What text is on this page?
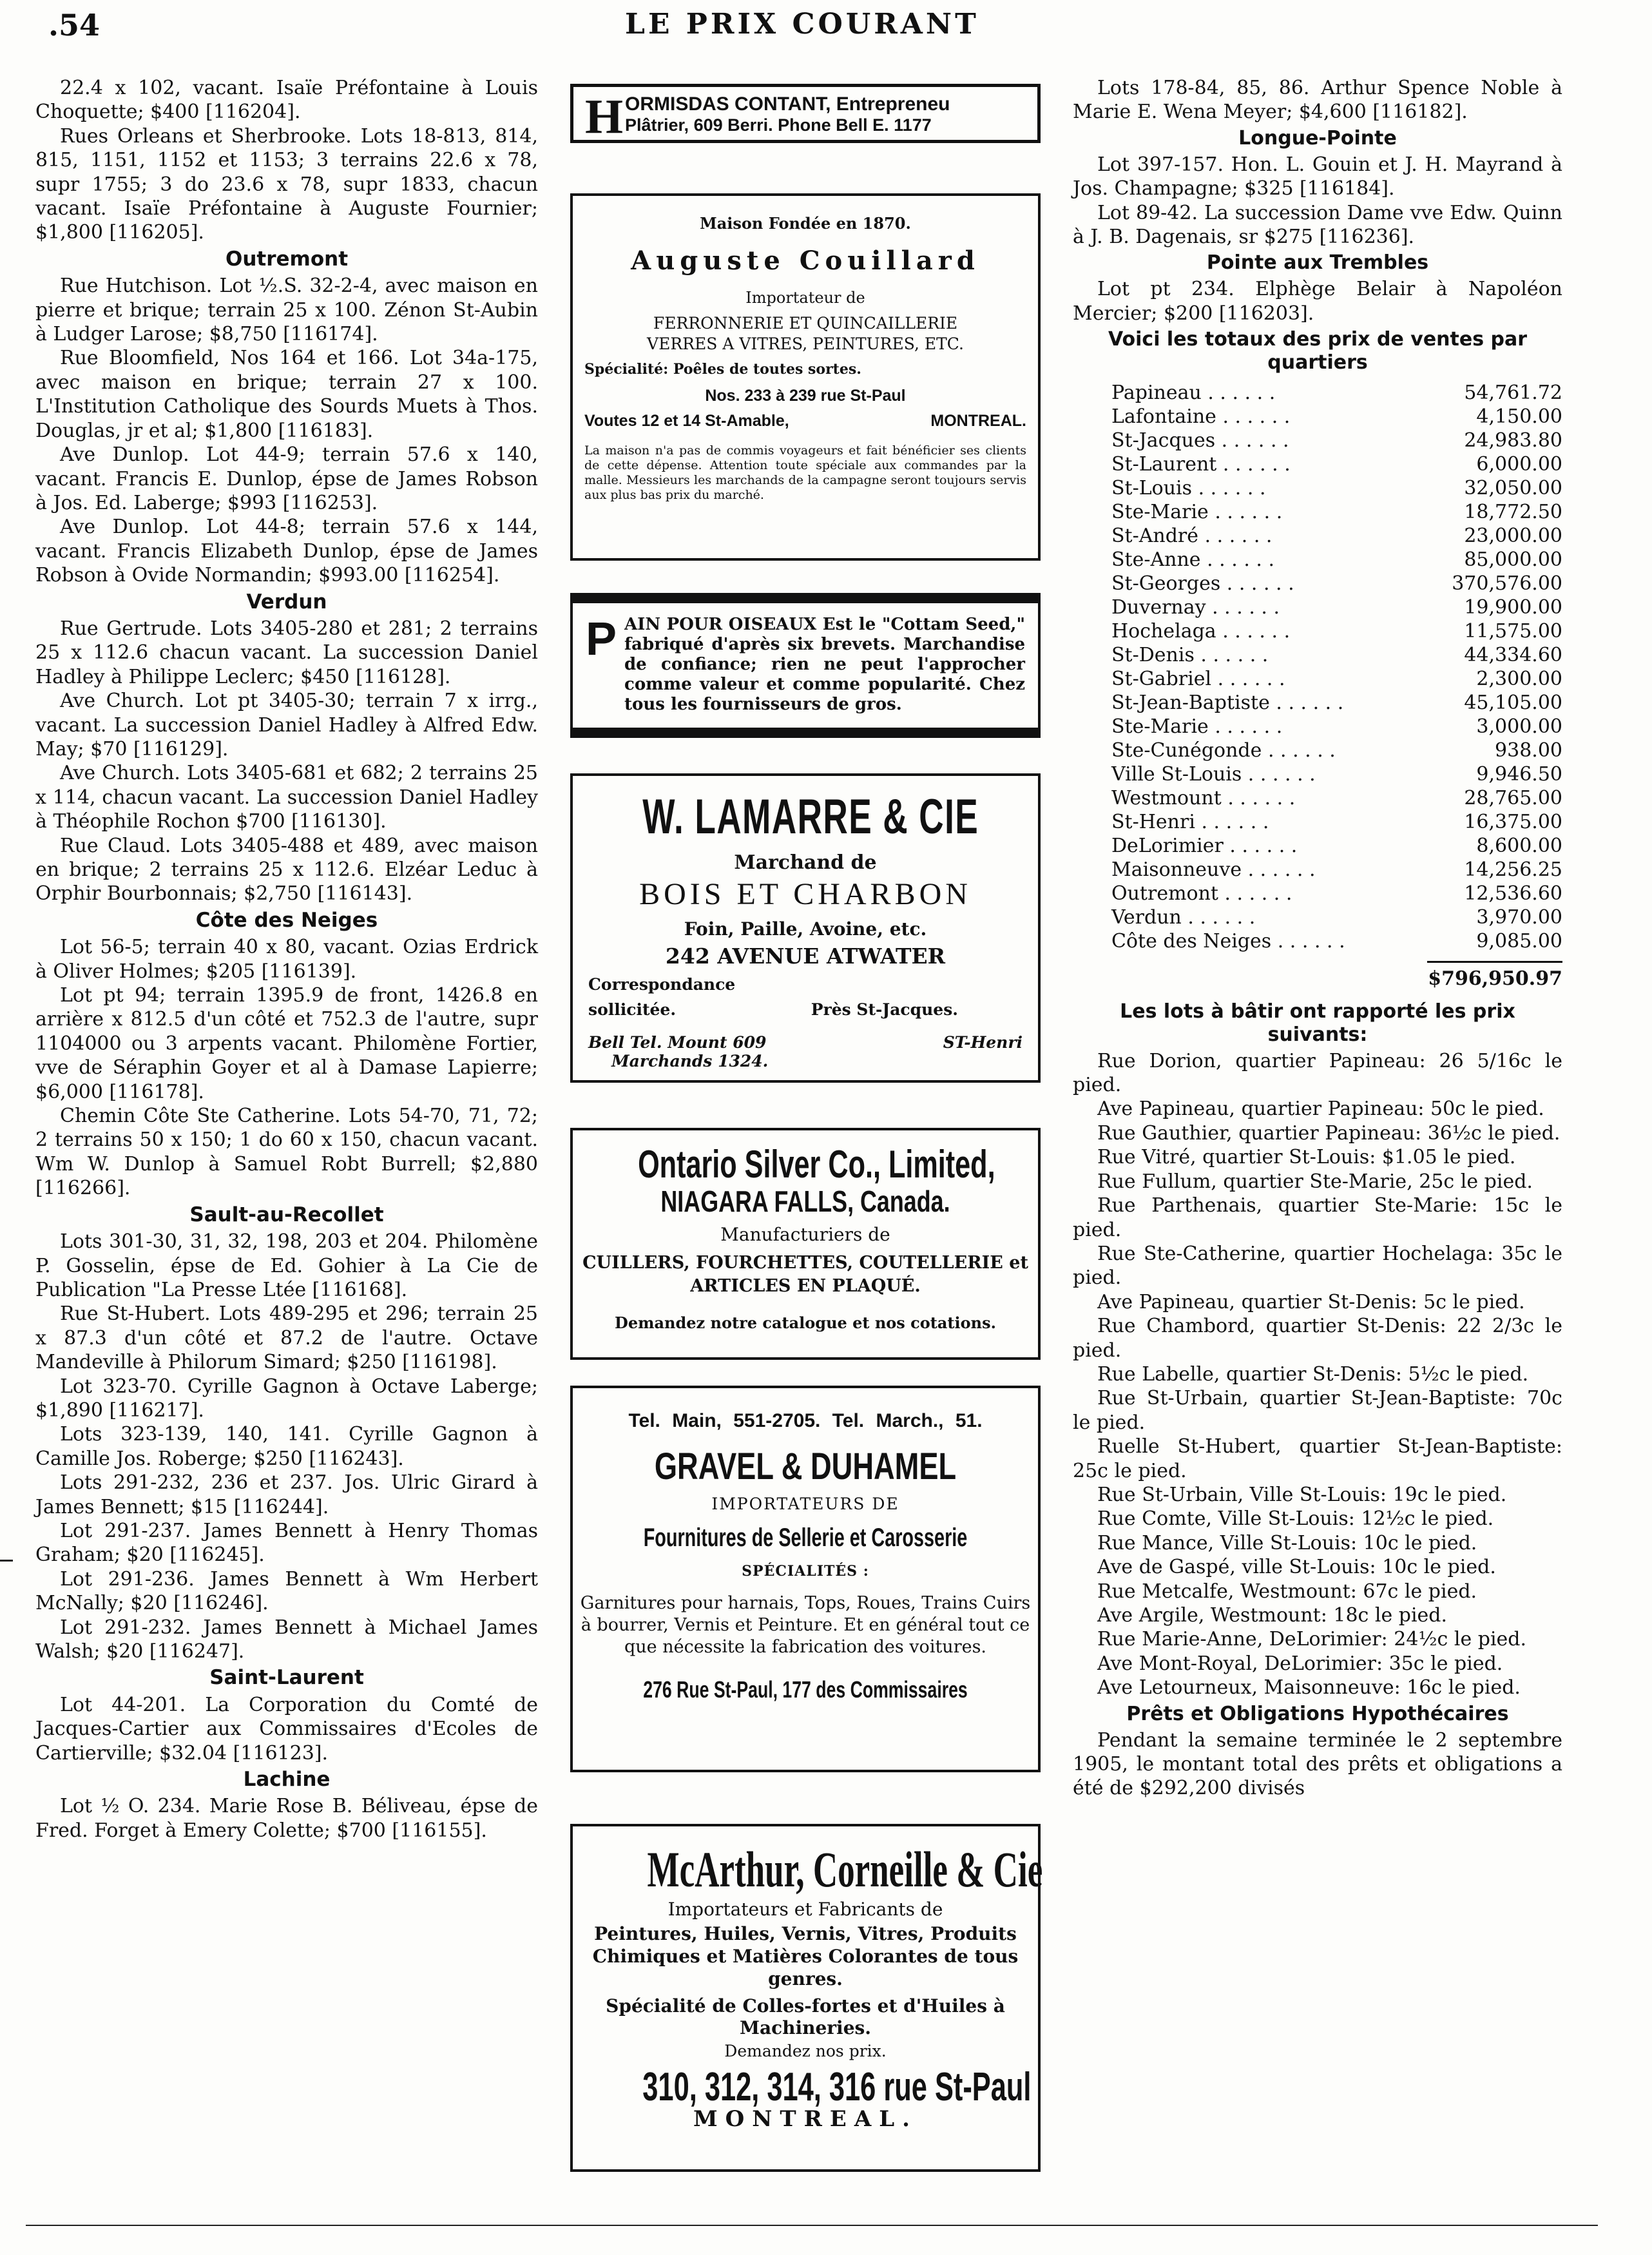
.54	LE PRIX COURANT

22.4 x 102, vacant. Isaïe Préfontaine à Louis Choquette; $400 [116204].

Rues Orleans et Sherbrooke. Lots 18-813, 814, 815, 1151, 1152 et 1153; 3 terrains 22.6 x 78, supr 1755; 3 do 23.6 x 78, supr 1833, chacun vacant. Isaïe Préfontaine à Auguste Fournier; $1,800 [116205].

Outremont

Rue Hutchison. Lot ½.S. 32-2-4, avec maison en pierre et brique; terrain 25 x 100. Zénon St-Aubin à Ludger Larose; $8,750 [116174].

Rue Bloomfield, Nos 164 et 166. Lot 34a-175, avec maison en brique; terrain 27 x 100. L'Institution Catholique des Sourds Muets à Thos. Douglas, jr et al; $1,800 [116183].

Ave Dunlop. Lot 44-9; terrain 57.6 x 140, vacant. Francis E. Dunlop, épse de James Robson à Jos. Ed. Laberge; $993 [116253].

Ave Dunlop. Lot 44-8; terrain 57.6 x 144, vacant. Francis Elizabeth Dunlop, épse de James Robson à Ovide Normandin; $993.00 [116254].

Verdun

Rue Gertrude. Lots 3405-280 et 281; 2 terrains 25 x 112.6 chacun vacant. La succession Daniel Hadley à Philippe Leclerc; $450 [116128].

Ave Church. Lot pt 3405-30; terrain 7 x irrg., vacant. La succession Daniel Hadley à Alfred Edw. May; $70 [116129].

Ave Church. Lots 3405-681 et 682; 2 terrains 25 x 114, chacun vacant. La succession Daniel Hadley à Théophile Rochon $700 [116130].

Rue Claud. Lots 3405-488 et 489, avec maison en brique; 2 terrains 25 x 112.6. Elzéar Leduc à Orphir Bourbonnais; $2,750 [116143].

Côte des Neiges

Lot 56-5; terrain 40 x 80, vacant. Ozias Erdrick à Oliver Holmes; $205 [116139].

Lot pt 94; terrain 1395.9 de front, 1426.8 en arrière x 812.5 d'un côté et 752.3 de l'autre, supr 1104000 ou 3 arpents vacant. Philomène Fortier, vve de Séraphin Goyer et al à Damase Lapierre; $6,000 [116178].

Chemin Côte Ste Catherine. Lots 54-70, 71, 72; 2 terrains 50 x 150; 1 do 60 x 150, chacun vacant. Wm W. Dunlop à Samuel Robt Burrell; $2,880 [116266].

Sault-au-Recollet

Lots 301-30, 31, 32, 198, 203 et 204. Philomène P. Gosselin, épse de Ed. Gohier à La Cie de Publication "La Presse Ltée [116168].

Rue St-Hubert. Lots 489-295 et 296; terrain 25 x 87.3 d'un côté et 87.2 de l'autre. Octave Mandeville à Philorum Simard; $250 [116198].

Lot 323-70. Cyrille Gagnon à Octave Laberge; $1,890 [116217].

Lots 323-139, 140, 141. Cyrille Gagnon à Camille Jos. Roberge; $250 [116243].

Lots 291-232, 236 et 237. Jos. Ulric Girard à James Bennett; $15 [116244].

Lot 291-237. James Bennett à Henry Thomas Graham; $20 [116245].

Lot 291-236. James Bennett à Wm Herbert McNally; $20 [116246].

Lot 291-232. James Bennett à Michael James Walsh; $20 [116247].

Saint-Laurent

Lot 44-201. La Corporation du Comté de Jacques-Cartier aux Commissaires d'Ecoles de Cartierville; $32.04 [116123].

Lachine

Lot ½ O. 234. Marie Rose B. Béliveau, épse de Fred. Forget à Emery Colette; $700 [116155].

Lots 178-84, 85, 86. Arthur Spence Noble à Marie E. Wena Meyer; $4,600 [116182].

Longue-Pointe

Lot 397-157. Hon. L. Gouin et J. H. Mayrand à Jos. Champagne; $325 [116184].

Lot 89-42. La succession Dame vve Edw. Quinn à J. B. Dagenais, sr $275 [116236].

Pointe aux Trembles

Lot pt 234. Elphège Belair à Napoléon Mercier; $200 [116203].

Voici les totaux des prix de ventes par quartiers
Papineau . . . . . .	54,761.72
Lafontaine . . . . . .	4,150.00
St-Jacques . . . . . .	24,983.80
St-Laurent . . . . . .	6,000.00
St-Louis . . . . . .	32,050.00
Ste-Marie . . . . . .	18,772.50
St-André . . . . . .	23,000.00
Ste-Anne . . . . . .	85,000.00
St-Georges . . . . . .	370,576.00
Duvernay . . . . . .	19,900.00
Hochelaga . . . . . .	11,575.00
St-Denis . . . . . .	44,334.60
St-Gabriel . . . . . .	2,300.00
St-Jean-Baptiste . . . . . .	45,105.00
Ste-Marie . . . . . .	3,000.00
Ste-Cunégonde . . . . . .	938.00
Ville St-Louis . . . . . .	9,946.50
Westmount . . . . . .	28,765.00
St-Henri . . . . . .	16,375.00
DeLorimier . . . . . .	8,600.00
Maisonneuve . . . . . .	14,256.25
Outremont . . . . . .	12,536.60
Verdun . . . . . .	3,970.00
Côte des Neiges . . . . . .	9,085.00
$796,950.97
Les lots à bâtir ont rapporté les prix suivants:

Rue Dorion, quartier Papineau: 26 5/16c le pied.

Ave Papineau, quartier Papineau: 50c le pied.

Rue Gauthier, quartier Papineau: 36½c le pied.

Rue Vitré, quartier St-Louis: $1.05 le pied.

Rue Fullum, quartier Ste-Marie, 25c le pied.

Rue Parthenais, quartier Ste-Marie: 15c le pied.

Rue Ste-Catherine, quartier Hochelaga: 35c le pied.

Ave Papineau, quartier St-Denis: 5c le pied.

Rue Chambord, quartier St-Denis: 22 2/3c le pied.

Rue Labelle, quartier St-Denis: 5½c le pied.

Rue St-Urbain, quartier St-Jean-Baptiste: 70c le pied.

Ruelle St-Hubert, quartier St-Jean-Baptiste: 25c le pied.

Rue St-Urbain, Ville St-Louis: 19c le pied.

Rue Comte, Ville St-Louis: 12½c le pied.

Rue Mance, Ville St-Louis: 10c le pied.

Ave de Gaspé, ville St-Louis: 10c le pied.

Rue Metcalfe, Westmount: 67c le pied.

Ave Argile, Westmount: 18c le pied.

Rue Marie-Anne, DeLorimier: 24½c le pied.

Ave Mont-Royal, DeLorimier: 35c le pied.

Ave Letourneux, Maisonneuve: 16c le pied.

Prêts et Obligations Hypothécaires

Pendant la semaine terminée le 2 septembre 1905, le montant total des prêts et obligations a été de $292,200 divisés

H ORMISDAS CONTANT, Entrepreneu
Plâtrier, 609 Berri. Phone Bell E. 1177
Maison Fondée en 1870.
Auguste Couillard
Importateur de
FERRONNERIE ET QUINCAILLERIE
VERRES A VITRES, PEINTURES, ETC.
Spécialité: Poêles de toutes sortes.
Nos. 233 à 239 rue St-Paul
Voutes 12 et 14 St-Amable,	MONTREAL.
La maison n'a pas de commis voyageurs et fait bénéficier ses clients de cette dépense. Attention toute spéciale aux commandes par la malle. Messieurs les marchands de la campagne seront toujours servis aux plus bas prix du marché.
P AIN POUR OISEAUX Est le "Cottam Seed," fabriqué d'après six brevets. Marchandise de confiance; rien ne peut l'approcher comme valeur et comme popularité. Chez tous les fournisseurs de gros.
W. LAMARRE & CIE
Marchand de
BOIS ET CHARBON
Foin, Paille, Avoine, etc.
242 AVENUE ATWATER
Correspondance
sollicitée.	Près St-Jacques.
Bell Tel. Mount 609	ST-Henri
Marchands 1324.
Ontario Silver Co., Limited,
NIAGARA FALLS, Canada.
Manufacturiers de
CUILLERS, FOURCHETTES, COUTELLERIE et ARTICLES EN PLAQUÉ.
Demandez notre catalogue et nos cotations.
Tel. Main, 551-2705. Tel. March., 51.
GRAVEL & DUHAMEL
IMPORTATEURS DE
Fournitures de Sellerie et Carosserie
SPÉCIALITÉS :
Garnitures pour harnais, Tops, Roues, Trains Cuirs à bourrer, Vernis et Peinture. Et en général tout ce que nécessite la fabrication des voitures.
276 Rue St-Paul, 177 des Commissaires
McArthur, Corneille & Cie
Importateurs et Fabricants de
Peintures, Huiles, Vernis, Vitres, Produits Chimiques et Matières Colorantes de tous genres.
Spécialité de Colles-fortes et d'Huiles à Machineries.
Demandez nos prix.
310, 312, 314, 316 rue St-Paul
MONTREAL.
